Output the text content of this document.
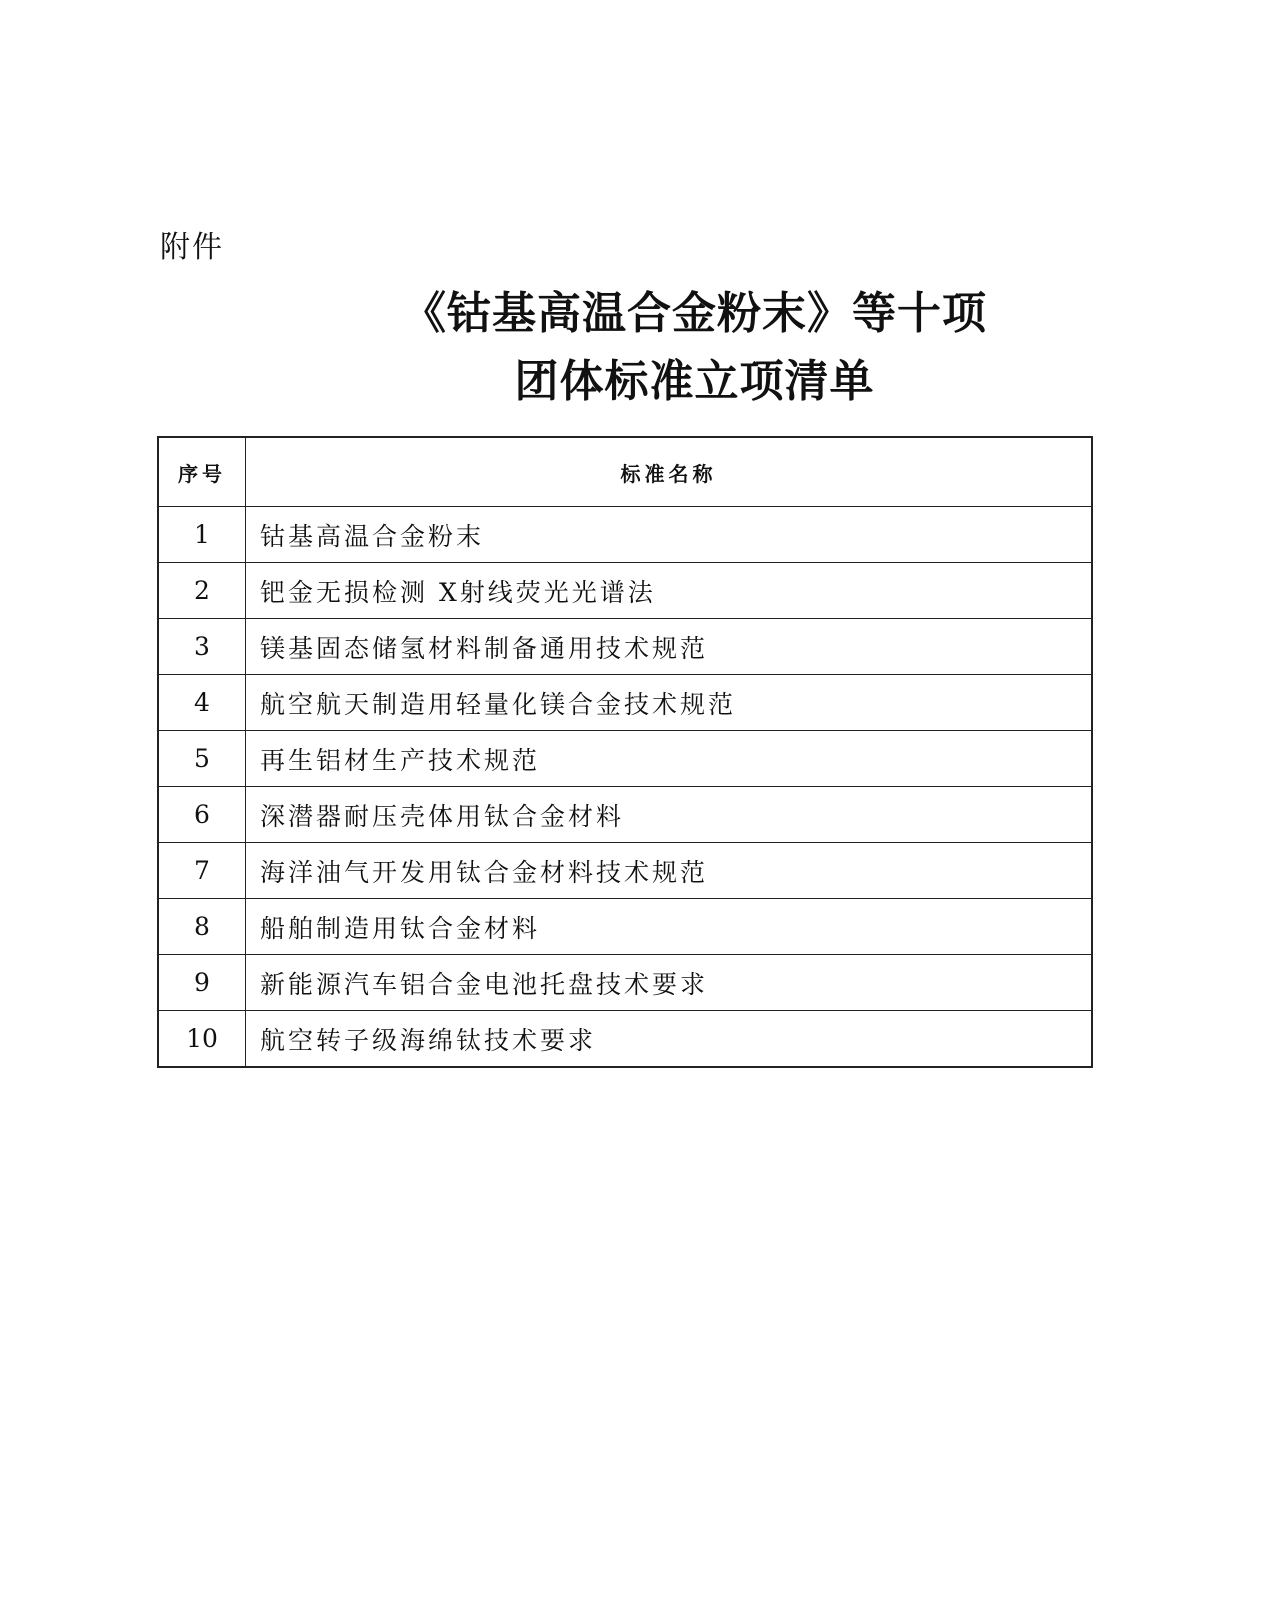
附件
《钴基高温合金粉末》等十项
团体标准立项清单
序号	标准名称
1	钴基高温合金粉末
2	钯金无损检测 X射线荧光光谱法
3	镁基固态储氢材料制备通用技术规范
4	航空航天制造用轻量化镁合金技术规范
5	再生铝材生产技术规范
6	深潜器耐压壳体用钛合金材料
7	海洋油气开发用钛合金材料技术规范
8	船舶制造用钛合金材料
9	新能源汽车铝合金电池托盘技术要求
10	航空转子级海绵钛技术要求
